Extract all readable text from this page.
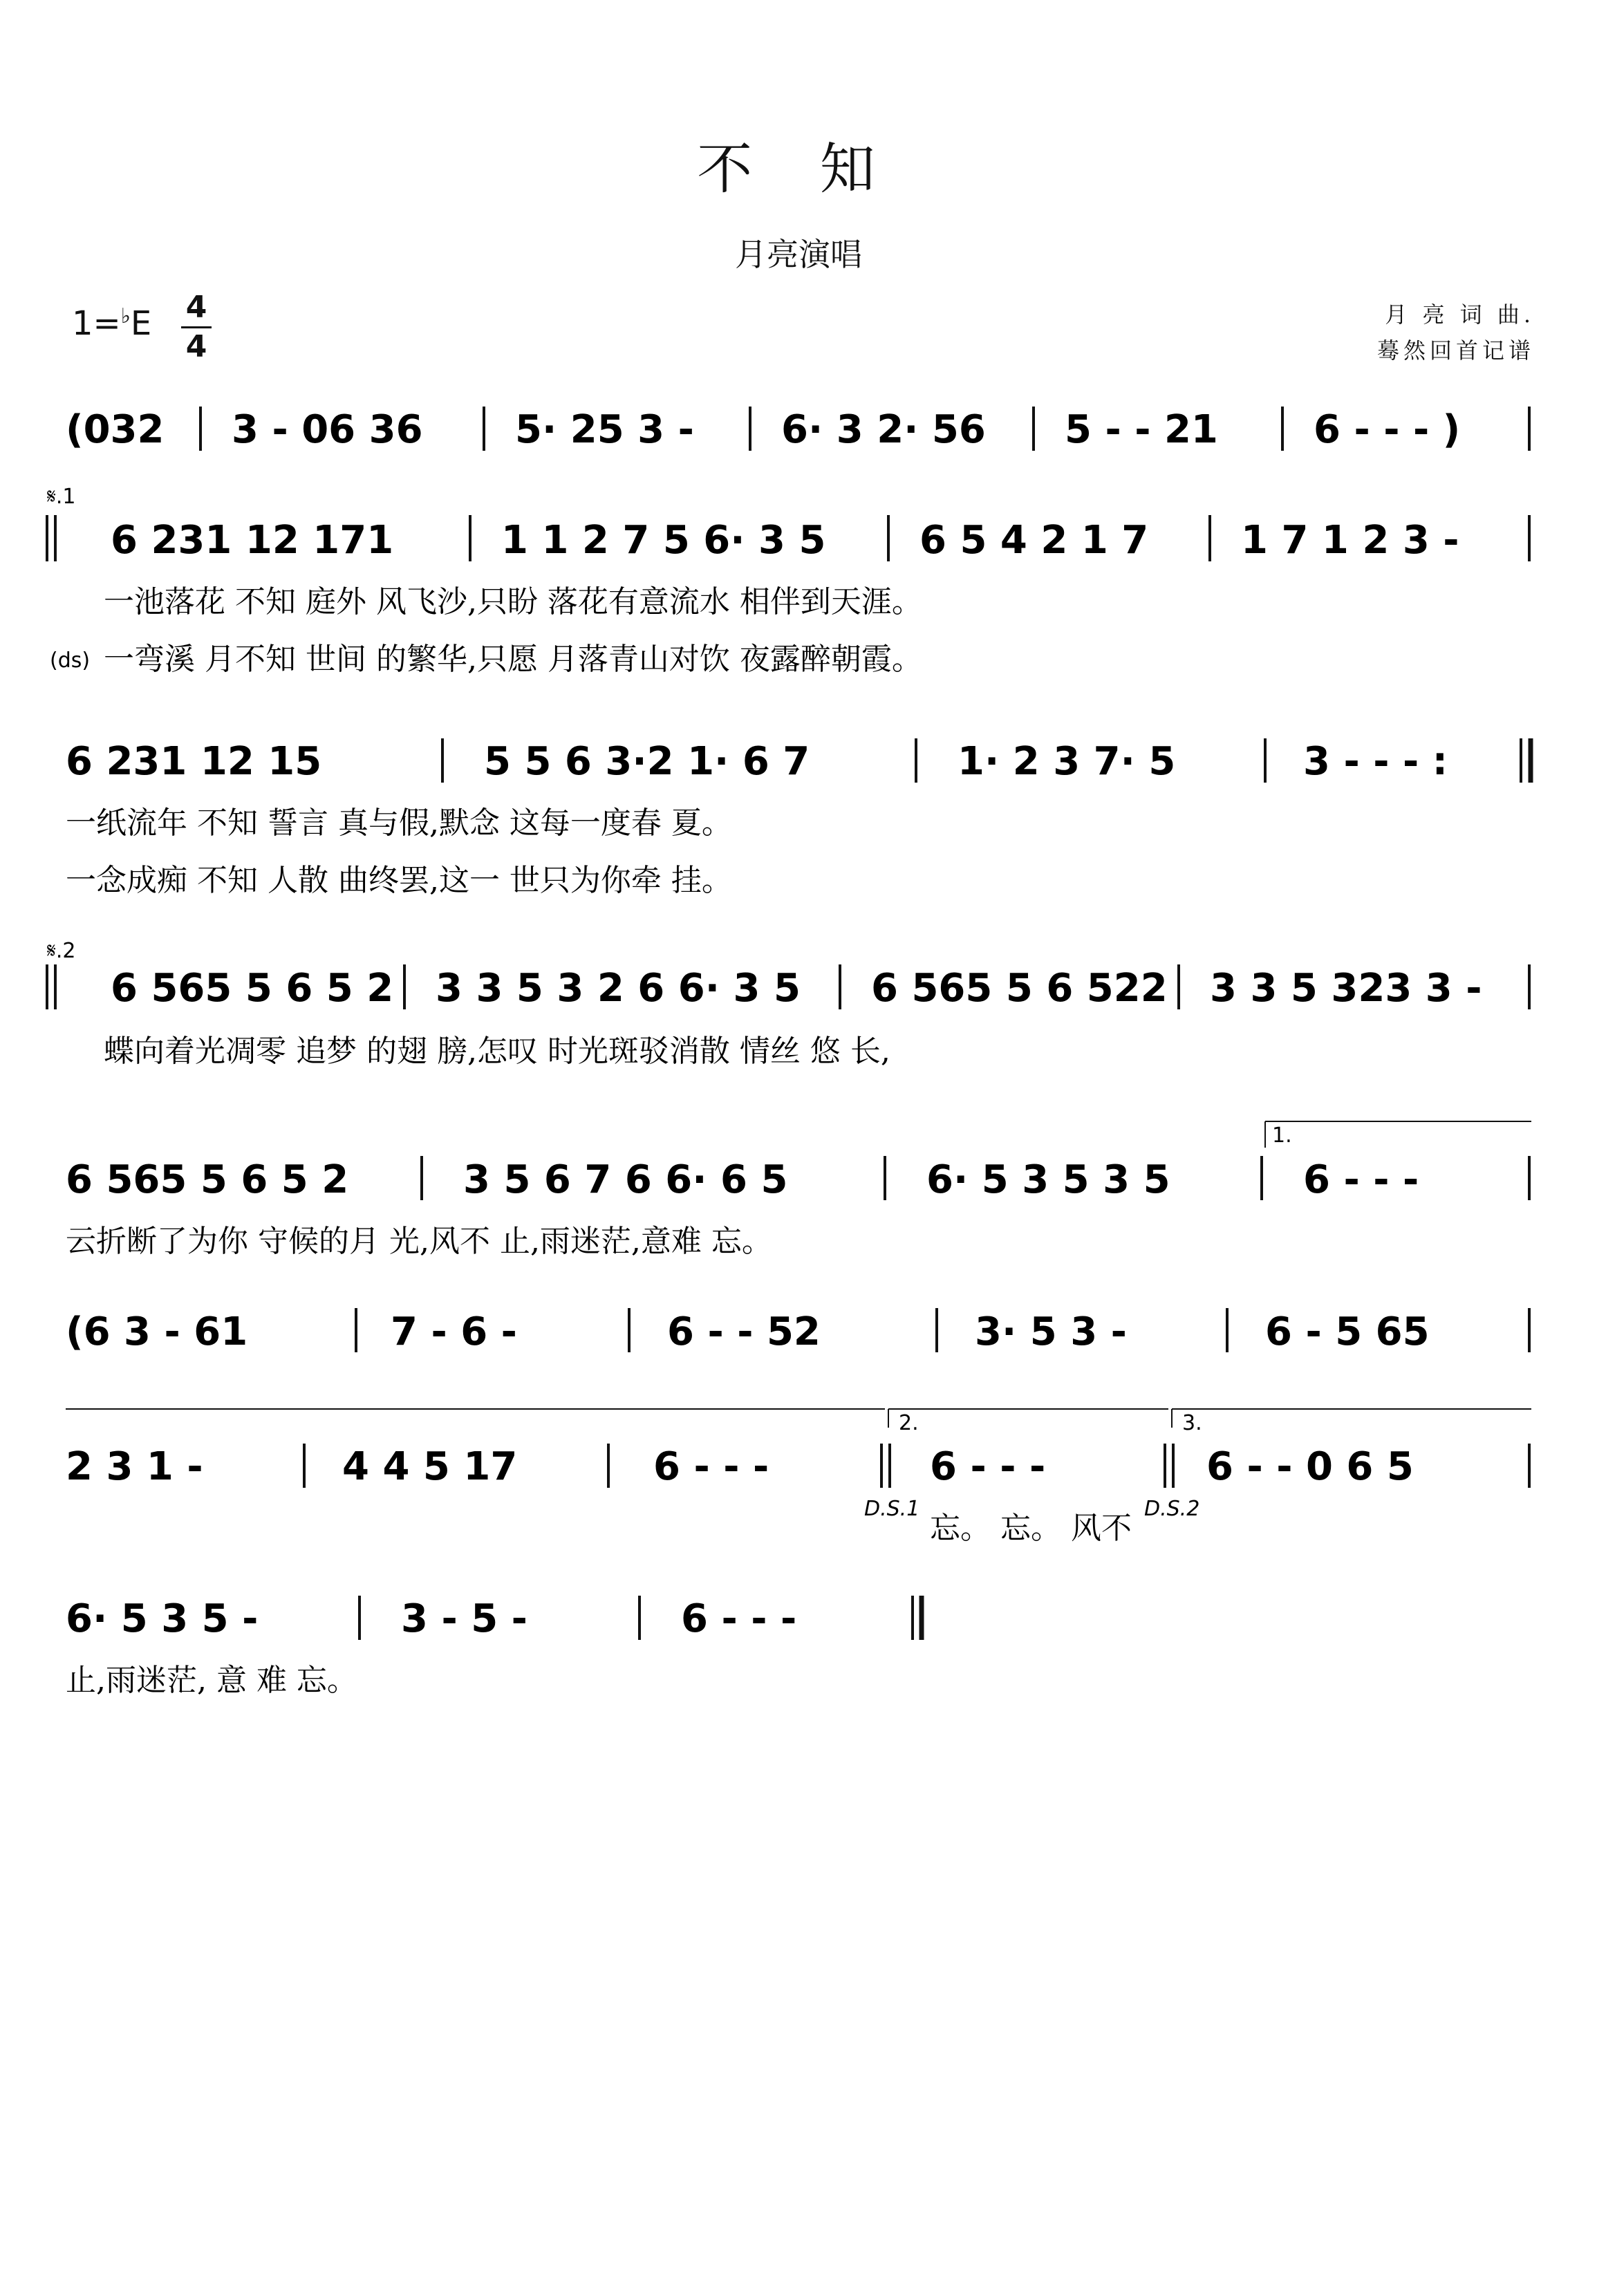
不 知
月亮演唱
月 亮 词 曲.
蓦然回首记谱
1=♭E 4
4
(032 3 - 06 36 5· 25 3 - 6· 3 2· 56 5 - - 21 6 - - - )
𝄋.1
6 231 12 171	1 1 2 7 5 6· 3 5 6 5 4 2 1 7 1 7 1 2 3 -
一池落花 不知 庭外 风飞沙,只盼 落花有意流水 相伴到天涯。
(ds) 一弯溪 月不知 世间 的繁华,只愿 月落青山对饮 夜露醉朝霞。
6 231 12 15	5 5 6 3·2 1· 6 7	1· 2 3 7· 5	3 - - - :
一纸流年 不知 誓言 真与假,默念 这每一度春 夏。
一念成痴 不知 人散 曲终罢,这一 世只为你牵 挂。
𝄋.2
6 565 5 6 5 2 3 3 5 3 2 6 6· 3 5 6 565 5 6 522 3 3 5 323 3 -
蝶向着光凋零 追梦 的翅 膀,怎叹 时光斑驳消散 情丝 悠 长,
1.
6 565 5 6 5 2	3 5 6 7 6 6· 6 5	6· 5 3 5 3 5	6 - - -
云折断了为你 守候的月 光,风不 止,雨迷茫,意难 忘。
(6 3 - 61	7 - 6 -	6 - - 52	3· 5 3 -	6 - 5 65
2.	3.
2 3 1 -	4 4 5 17	6 - - -	6 - - -	6 - - 0 6 5
D.S.1	D.S.2
忘。 忘。 风不
6· 5 3 5 -	3 - 5 -	6 - - -
止,雨迷茫, 意 难 忘。
